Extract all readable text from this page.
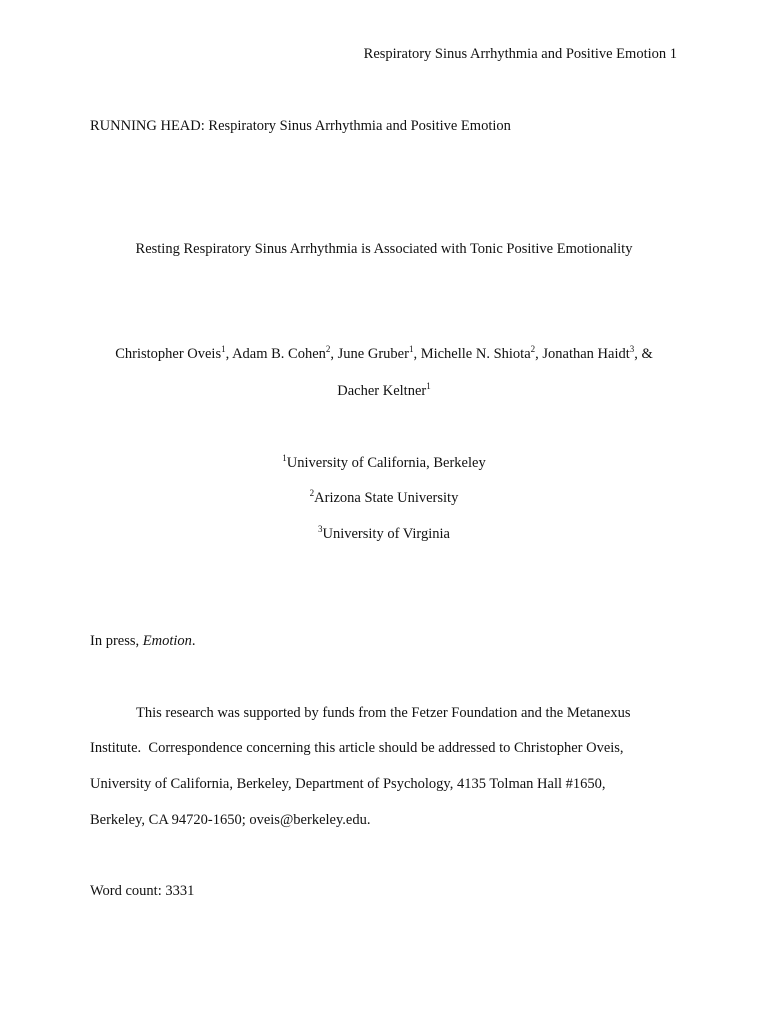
Respiratory Sinus Arrhythmia and Positive Emotion 1
RUNNING HEAD: Respiratory Sinus Arrhythmia and Positive Emotion
Resting Respiratory Sinus Arrhythmia is Associated with Tonic Positive Emotionality
Christopher Oveis$^1$, Adam B. Cohen$^2$, June Gruber$^1$, Michelle N. Shiota$^2$, Jonathan Haidt$^3$, &
Dacher Keltner$^1$
$^1$University of California, Berkeley
$^2$Arizona State University
$^3$University of Virginia
In press, Emotion.
This research was supported by funds from the Fetzer Foundation and the Metanexus
Institute.  Correspondence concerning this article should be addressed to Christopher Oveis,
University of California, Berkeley, Department of Psychology, 4135 Tolman Hall #1650,
Berkeley, CA 94720-1650; oveis@berkeley.edu.
Word count: 3331
